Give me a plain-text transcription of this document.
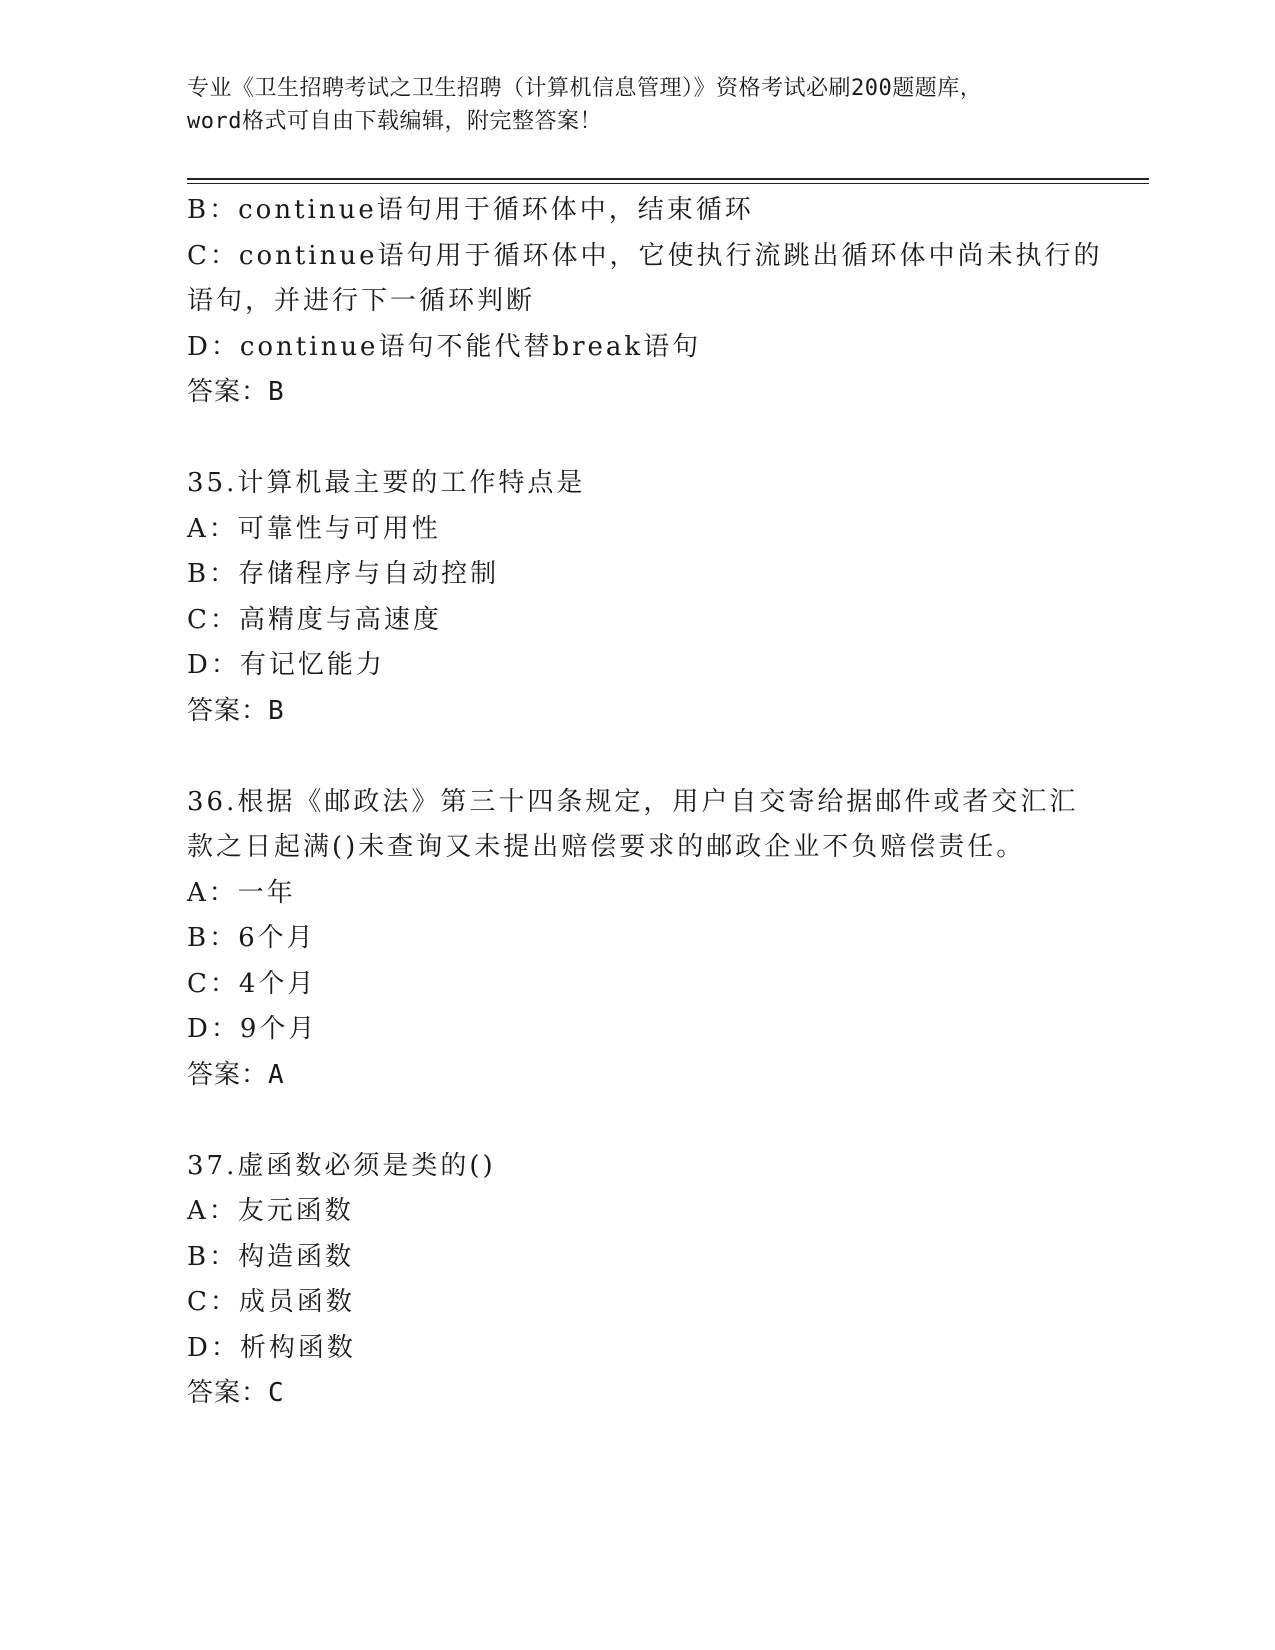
专业《卫生招聘考试之卫生招聘（计算机信息管理）》资格考试必刷200题题库，
word格式可自由下载编辑，附完整答案！
B：continue语句用于循环体中，结束循环
C：continue语句用于循环体中，它使执行流跳出循环体中尚未执行的
语句，并进行下一循环判断
D：continue语句不能代替break语句
答案：B
35.计算机最主要的工作特点是
A：可靠性与可用性
B：存储程序与自动控制
C：高精度与高速度
D：有记忆能力
答案：B
36.根据《邮政法》第三十四条规定，用户自交寄给据邮件或者交汇汇
款之日起满()未查询又未提出赔偿要求的邮政企业不负赔偿责任。
A：一年
B：6个月
C：4个月
D：9个月
答案：A
37.虚函数必须是类的()
A：友元函数
B：构造函数
C：成员函数
D：析构函数
答案：C
